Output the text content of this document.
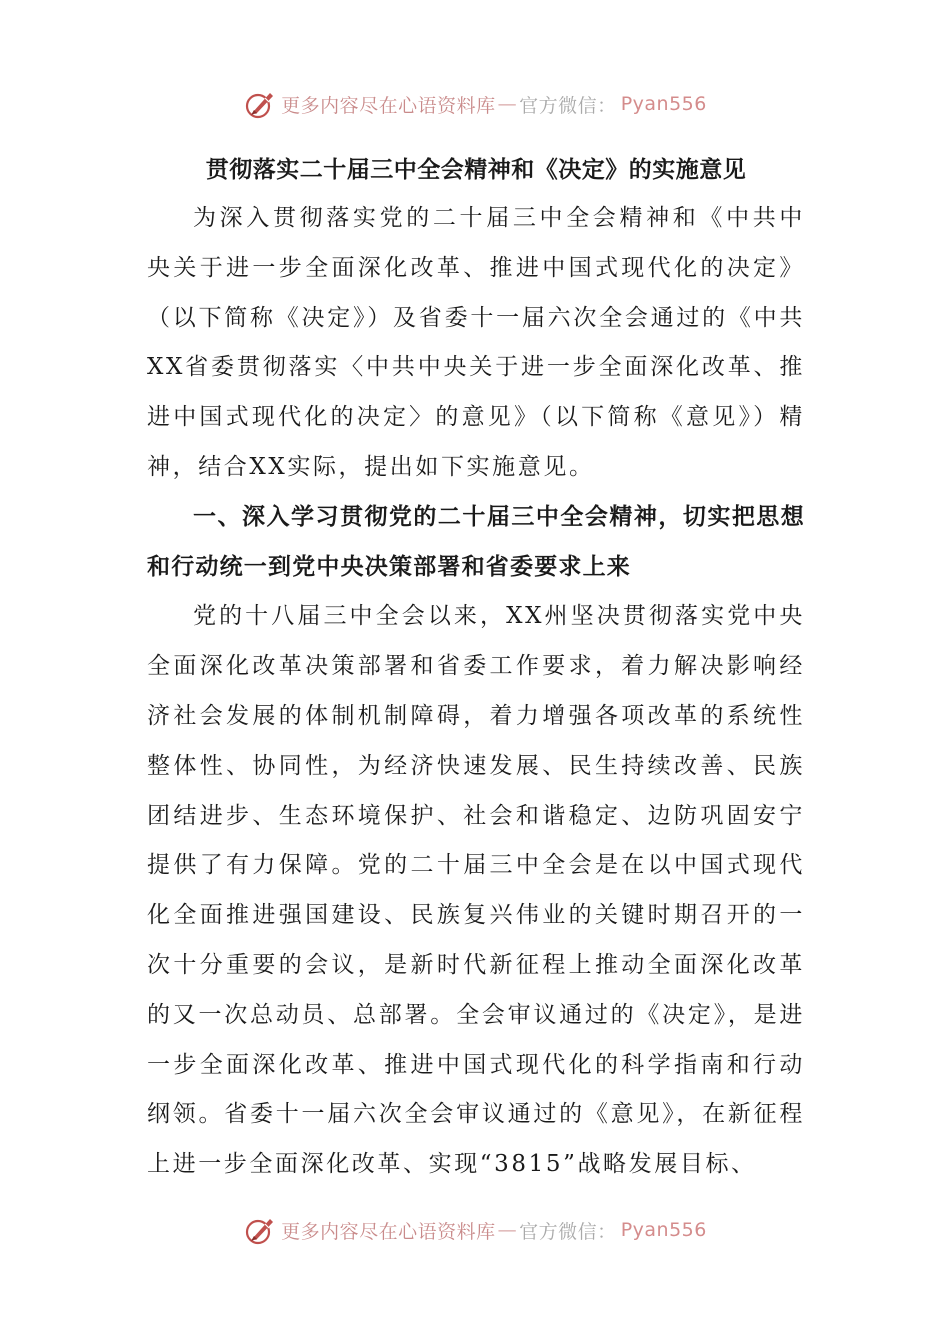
更多内容尽在心语资料库 — 官方微信： Pyan556
贯彻落实二十届三中全会精神和《决定》的实施意见

为深入贯彻落实党的二十届三中全会精神和《中共中央关于进一步全面深化改革、推进中国式现代化的决定》（以下简称《决定》）及省委十一届六次全会通过的《中共XX省委贯彻落实〈中共中央关于进一步全面深化改革、推进中国式现代化的决定〉的意见》（以下简称《意见》）精神，结合XX实际，提出如下实施意见。

一、深入学习贯彻党的二十届三中全会精神，切实把思想和行动统一到党中央决策部署和省委要求上来

党的十八届三中全会以来，XX州坚决贯彻落实党中央全面深化改革决策部署和省委工作要求，着力解决影响经济社会发展的体制机制障碍，着力增强各项改革的系统性整体性、协同性，为经济快速发展、民生持续改善、民族团结进步、生态环境保护、社会和谐稳定、边防巩固安宁提供了有力保障。党的二十届三中全会是在以中国式现代化全面推进强国建设、民族复兴伟业的关键时期召开的一次十分重要的会议，是新时代新征程上推动全面深化改革的又一次总动员、总部署。全会审议通过的《决定》，是进一步全面深化改革、推进中国式现代化的科学指南和行动纲领。省委十一届六次全会审议通过的《意见》，在新征程上进一步全面深化改革、实现“3815”战略发展目标、

更多内容尽在心语资料库 — 官方微信： Pyan556
